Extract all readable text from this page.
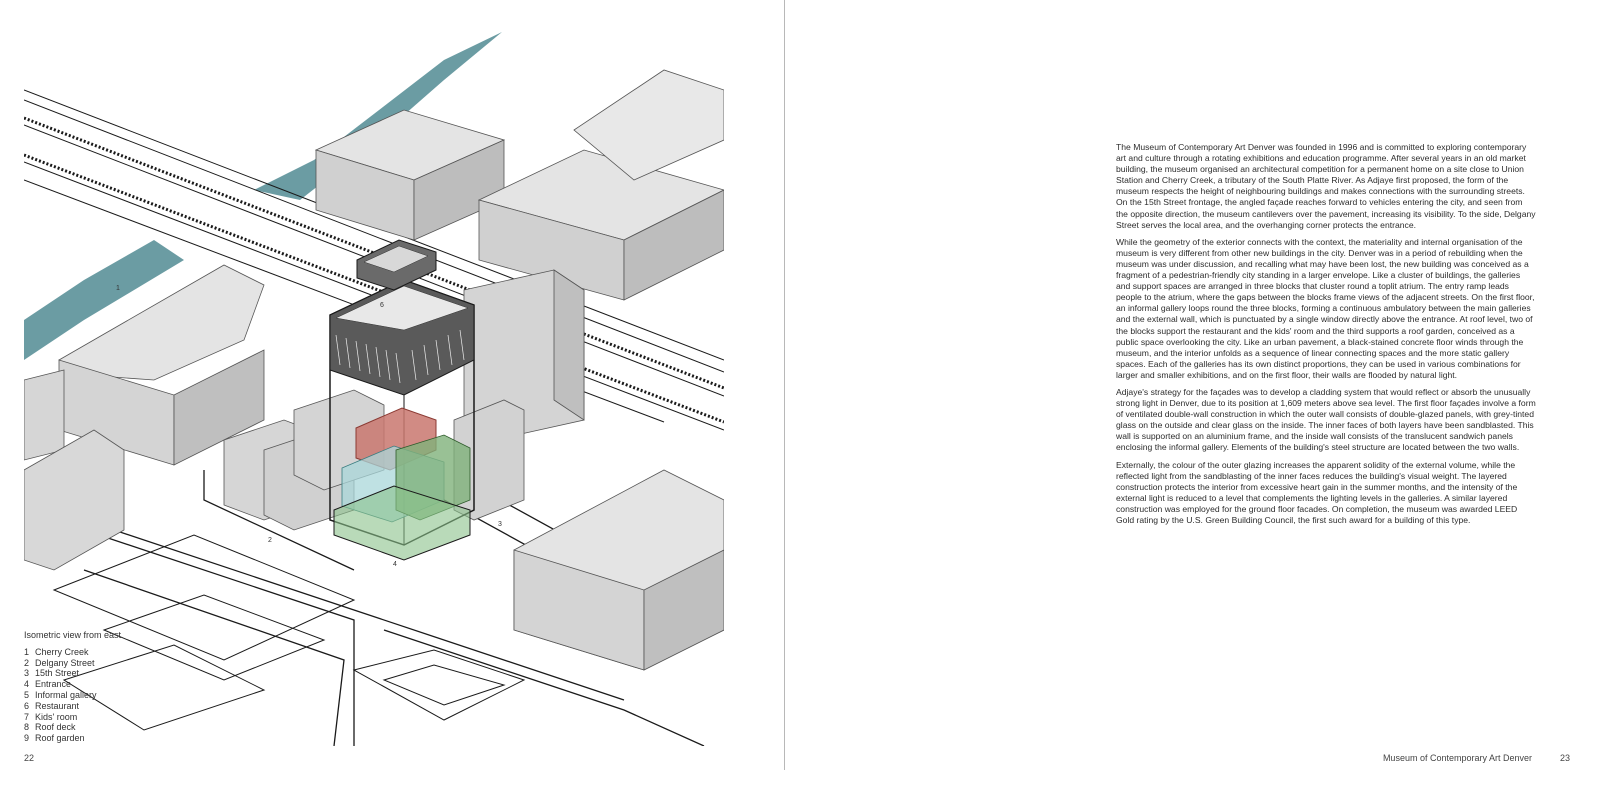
1
2
3
4
6
Isometric view from east
1 Cherry Creek
2 Delgany Street
3 15th Street
4 Entrance
5 Informal gallery
6 Restaurant
7 Kids' room
8 Roof deck
9 Roof garden
22

The Museum of Contemporary Art Denver was founded in 1996 and is committed to exploring contemporary art and culture through a rotating exhibitions and education programme. After several years in an old market building, the museum organised an architectural competition for a permanent home on a site close to Union Station and Cherry Creek, a tributary of the South Platte River. As Adjaye first proposed, the form of the museum respects the height of neighbouring buildings and makes connections with the surrounding streets. On the 15th Street frontage, the angled façade reaches forward to vehicles entering the city, and seen from the opposite direction, the museum cantilevers over the pavement, increasing its visibility. To the side, Delgany Street serves the local area, and the overhanging corner protects the entrance.

While the geometry of the exterior connects with the context, the materiality and internal organisation of the museum is very different from other new buildings in the city. Denver was in a period of rebuilding when the museum was under discussion, and recalling what may have been lost, the new building was conceived as a fragment of a pedestrian-friendly city standing in a larger envelope. Like a cluster of buildings, the galleries and support spaces are arranged in three blocks that cluster round a toplit atrium. The entry ramp leads people to the atrium, where the gaps between the blocks frame views of the adjacent streets. On the first floor, an informal gallery loops round the three blocks, forming a continuous ambulatory between the main galleries and the external wall, which is punctuated by a single window directly above the entrance. At roof level, two of the blocks support the restaurant and the kids' room and the third supports a roof garden, conceived as a public space overlooking the city. Like an urban pavement, a black-stained concrete floor winds through the museum, and the interior unfolds as a sequence of linear connecting spaces and the more static gallery spaces. Each of the galleries has its own distinct proportions, they can be used in various combinations for larger and smaller exhibitions, and on the first floor, their walls are flooded by natural light.

Adjaye's strategy for the façades was to develop a cladding system that would reflect or absorb the unusually strong light in Denver, due to its position at 1,609 meters above sea level. The first floor façades involve a form of ventilated double-wall construction in which the outer wall consists of double-glazed panels, with grey-tinted glass on the outside and clear glass on the inside. The inner faces of both layers have been sandblasted. This wall is supported on an aluminium frame, and the inside wall consists of the translucent sandwich panels enclosing the informal gallery. Elements of the building's steel structure are located between the two walls.

Externally, the colour of the outer glazing increases the apparent solidity of the external volume, while the reflected light from the sandblasting of the inner faces reduces the building's visual weight. The layered construction protects the interior from excessive heart gain in the summer months, and the intensity of the external light is reduced to a level that complements the lighting levels in the galleries. A similar layered construction was employed for the ground floor facades. On completion, the museum was awarded LEED Gold rating by the U.S. Green Building Council, the first such award for a building of this type.

Museum of Contemporary Art Denver	23
